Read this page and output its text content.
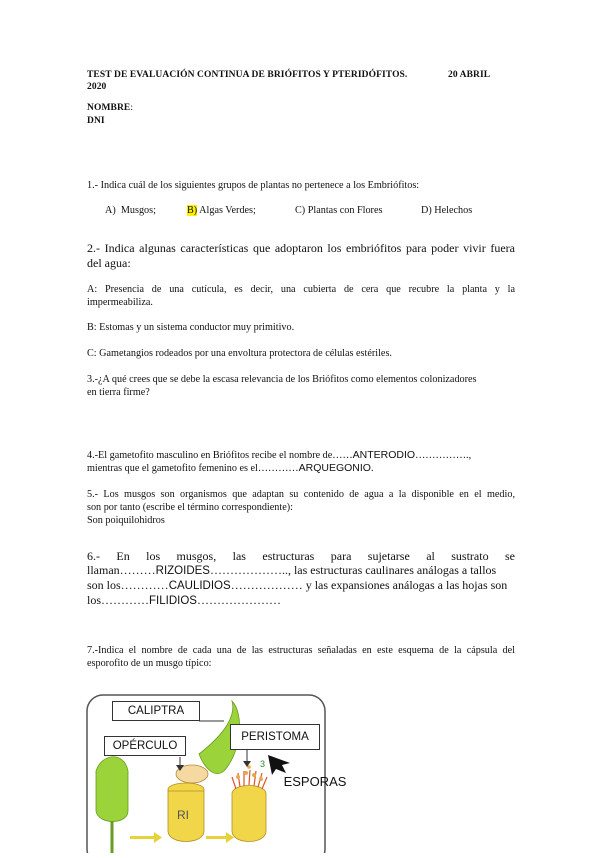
TEST DE EVALUACIÓN CONTINUA DE BRIÓFITOS Y PTERIDÓFITOS.	20 ABRIL
2020
NOMBRE:
DNI
1.- Indica cuál de los siguientes grupos de plantas no pertenece a los Embriófitos:
A) Musgos;	B) Algas Verdes;	C) Plantas con Flores	D) Helechos
2.- Indica algunas características que adoptaron los embriófitos para poder vivir fuera
del agua:
A: Presencia de una cutícula, es decir, una cubierta de cera que recubre la planta y la
impermeabiliza.
B: Estomas y un sistema conductor muy primitivo.
C: Gametangios rodeados por una envoltura protectora de células estériles.
3.-¿A qué crees que se debe la escasa relevancia de los Briófitos como elementos colonizadores
en tierra firme?
4.-El gametofito masculino en Briófitos recibe el nombre de……ANTERODIO…………….,
mientras que el gametofito femenino es el…………ARQUEGONIO.
5.- Los musgos son organismos que adaptan su contenido de agua a la disponible en el medio,
son por tanto (escribe el término correspondiente):
Son poiquilohidros
6.- En los musgos, las estructuras para sujetarse al sustrato se
llaman………RIZOIDES……………….., las estructuras caulinares análogas a tallos
son los…………CAULIDIOS……………… y las expansiones análogas a las hojas son
los…………FILIDIOS…………………
7.-Indica el nombre de cada una de las estructuras señaladas en este esquema de la cápsula del
esporofito de un musgo típico:
RI
3
CALIPTRA
OPÉRCULO
PERISTOMA
ESPORAS
